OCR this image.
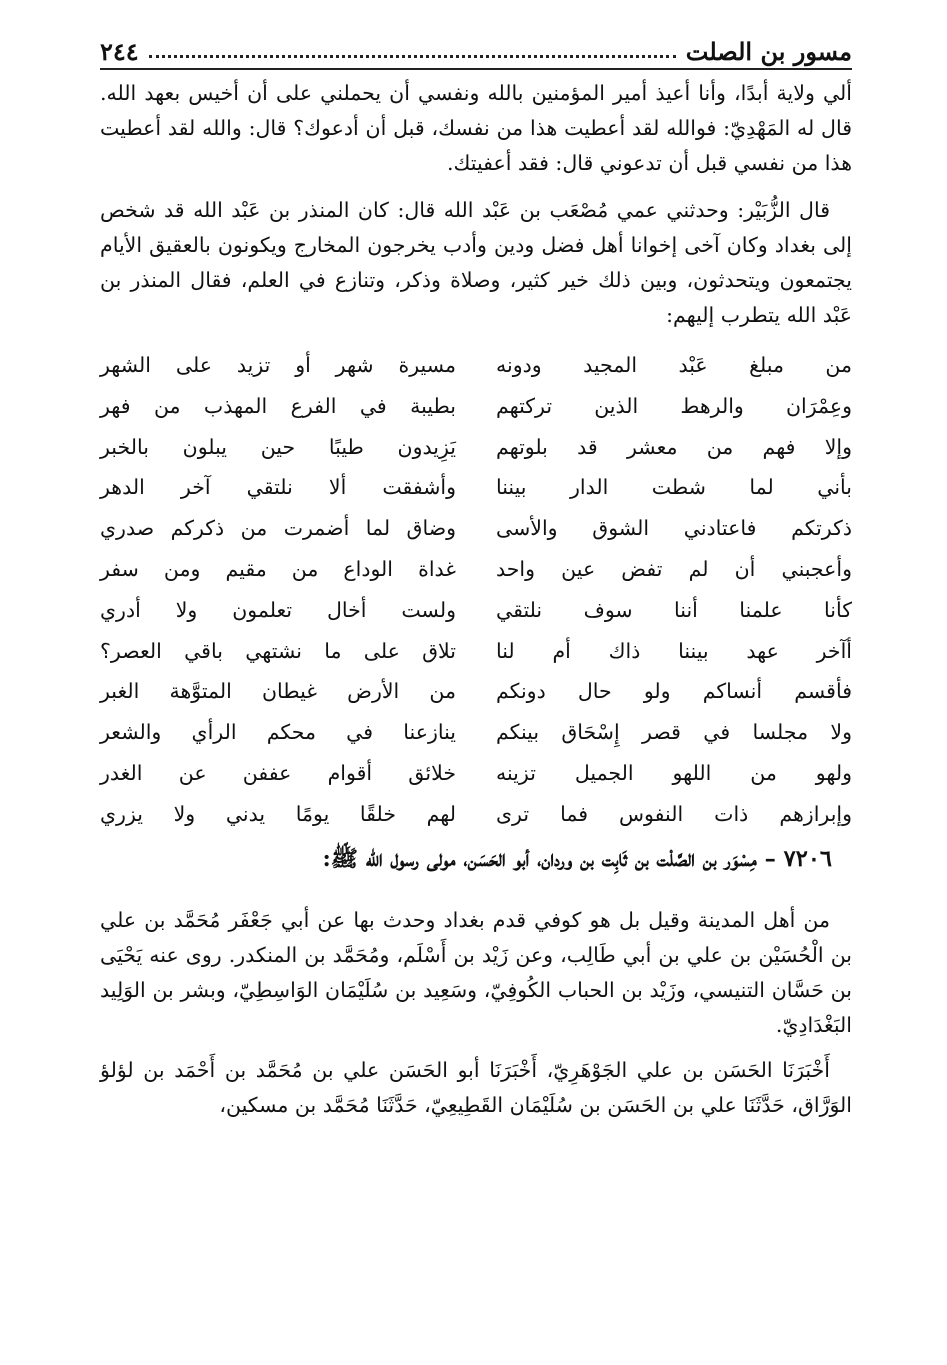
مسور بن الصلت
٢٤٤

ألي ولاية أبدًا، وأنا أعيذ أمير المؤمنين بالله ونفسي أن يحملني على أن أخيس بعهد الله. قال له المَهْدِيّ: فوالله لقد أعطيت هذا من نفسك، قبل أن أدعوك؟ قال: والله لقد أعطيت هذا من نفسي قبل أن تدعوني قال: فقد أعفيتك.

قال الزُّبَيْر: وحدثني عمي مُصْعَب بن عَبْد الله قال: كان المنذر بن عَبْد الله قد شخص إلى بغداد وكان آخى إخوانا أهل فضل ودين وأدب يخرجون المخارج ويكونون بالعقيق الأيام يجتمعون ويتحدثون، وبين ذلك خير كثير، وصلاة وذكر، وتنازع في العلم، فقال المنذر بن عَبْد الله يتطرب إليهم:

من مبلغ عَبْد المجيد ودونه
مسيرة شهر أو تزيد على الشهر
وعِمْرَان والرهط الذين تركتهم
بطيبة في الفرع المهذب من فهر
وإلا فهم من معشر قد بلوتهم
يَزِيدون طيبًا حين يبلون بالخبر
بأني لما شطت الدار بيننا
وأشفقت ألا نلتقي آخر الدهر
ذكرتكم فاعتادني الشوق والأسى
وضاق لما أضمرت من ذكركم صدري
وأعجبني أن لم تفض عين واحد
غداة الوداع من مقيم ومن سفر
كأنا علمنا أننا سوف نلتقي
ولست أخال تعلمون ولا أدري
أآخر عهد بيننا ذاك أم لنا
تلاق على ما نشتهي باقي العصر؟
فأقسم أنساكم ولو حال دونكم
من الأرض غيطان المتوَّهة الغبر
ولا مجلسا في قصر إِسْحَاق بينكم
ينازعنا في محكم الرأي والشعر
ولهو من اللهو الجميل تزينه
خلائق أقوام عففن عن الغدر
وإبرازهم ذات النفوس فما ترى
لهم خلقًا يومًا يدني ولا يزري
٧٢٠٦ – مِسْوَر بن الصَّلْت بن ثَابِت بن وردان، أبو الحَسَن، مولى رسول الله ﷺ:

من أهل المدينة وقيل بل هو كوفي قدم بغداد وحدث بها عن أبي جَعْفَر مُحَمَّد بن علي بن الْحُسَيْن بن علي بن أبي طَالِب، وعن زَيْد بن أَسْلَم، ومُحَمَّد بن المنكدر. روى عنه يَحْيَى بن حَسَّان التنيسي، وزَيْد بن الحباب الكُوفِيّ، وسَعِيد بن سُلَيْمَان الوَاسِطِيّ، وبشر بن الوَلِيد البَغْدَادِيّ.

أَخْبَرَنَا الحَسَن بن علي الجَوْهَرِيّ، أَخْبَرَنَا أبو الحَسَن علي بن مُحَمَّد بن أَحْمَد بن لؤلؤ الوَرَّاق، حَدَّثَنَا علي بن الحَسَن بن سُلَيْمَان القَطِيعِيّ، حَدَّثَنَا مُحَمَّد بن مسكين،
